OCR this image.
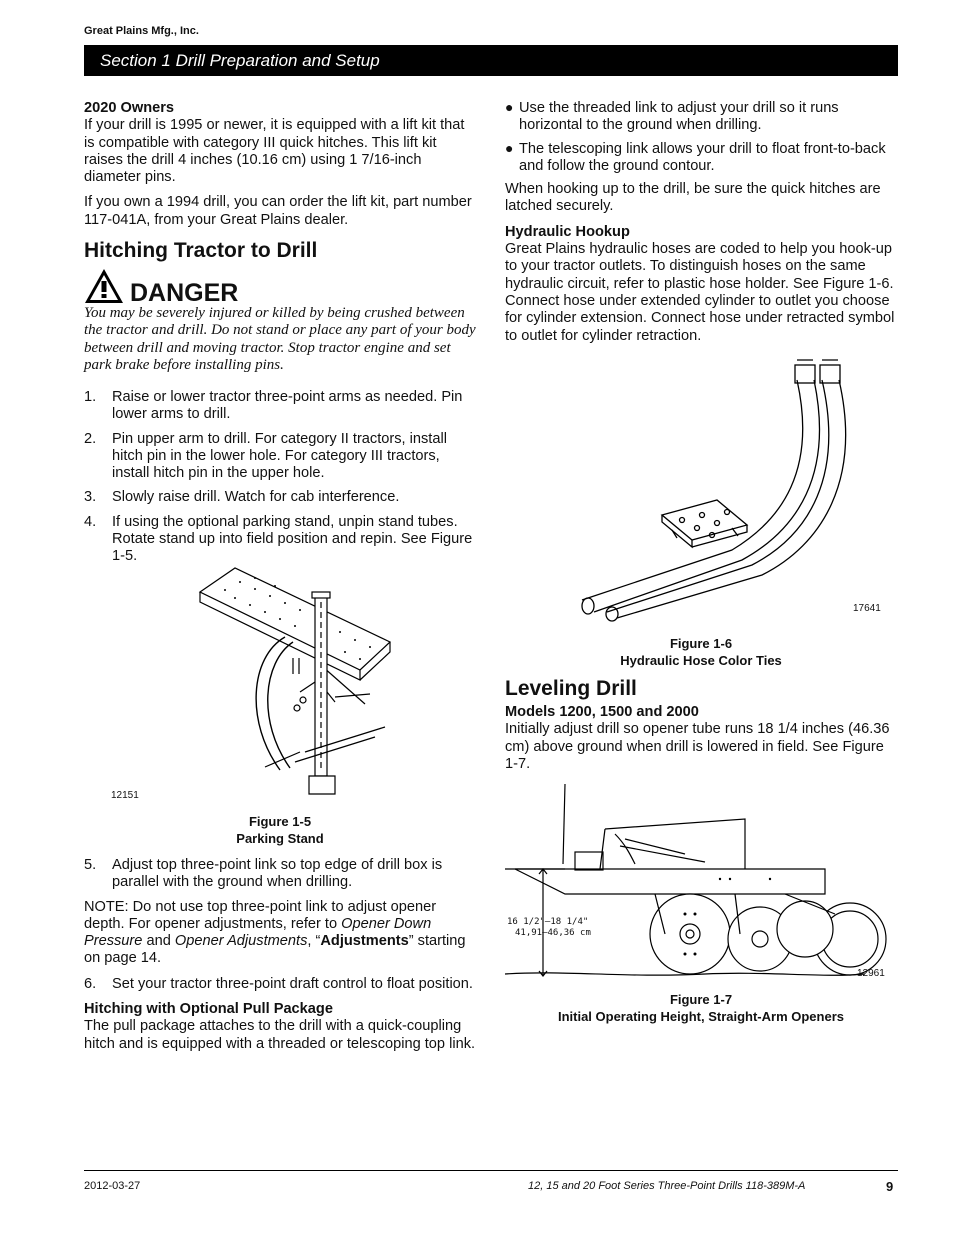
Great Plains Mfg., Inc.
Section 1 Drill Preparation and Setup
2020 Owners

If your drill is 1995 or newer, it is equipped with a lift kit that is compatible with category III quick hitches. This lift kit raises the drill 4 inches (10.16 cm) using 1 7/16-inch diameter pins.

If you own a 1994 drill, you can order the lift kit, part number 117-041A, from your Great Plains dealer.

Hitching Tractor to Drill
DANGER
You may be severely injured or killed by being crushed between the tractor and drill. Do not stand or place any part of your body between drill and moving tractor. Stop tractor engine and set park brake before installing pins.
1. Raise or lower tractor three-point arms as needed. Pin lower arms to drill.
2. Pin upper arm to drill. For category II tractors, install hitch pin in the lower hole. For category III tractors, install hitch pin in the upper hole.
3. Slowly raise drill. Watch for cab interference.
4. If using the optional parking stand, unpin stand tubes. Rotate stand up into field position and repin. See Figure 1-5.
12151
Figure 1-5
Parking Stand
5. Adjust top three-point link so top edge of drill box is parallel with the ground when drilling.

NOTE: Do not use top three-point link to adjust opener depth. For opener adjustments, refer to Opener Down Pressure and Opener Adjustments, “Adjustments” starting on page 14.

6. Set your tractor three-point draft control to float position.
Hitching with Optional Pull Package

The pull package attaches to the drill with a quick-coupling hitch and is equipped with a threaded or telescoping top link.

● Use the threaded link to adjust your drill so it runs horizontal to the ground when drilling.
● The telescoping link allows your drill to float front-to-back and follow the ground contour.

When hooking up to the drill, be sure the quick hitches are latched securely.

Hydraulic Hookup

Great Plains hydraulic hoses are coded to help you hook-up to your tractor outlets. To distinguish hoses on the same hydraulic circuit, refer to plastic hose holder. See Figure 1-6. Connect hose under extended cylinder to outlet you choose for cylinder extension. Connect hose under retracted symbol to outlet for cylinder retraction.

17641
Figure 1-6
Hydraulic Hose Color Ties
Leveling Drill
Models 1200, 1500 and 2000

Initially adjust drill so opener tube runs 18 1/4 inches (46.36 cm) above ground when drill is lowered in field. See Figure 1-7.

16 1/2"–18 1/4"
41,91–46,36 cm
12961
Figure 1-7
Initial Operating Height, Straight-Arm Openers
2012-03-27	12, 15 and 20 Foot Series Three-Point Drills 118-389M-A	9
